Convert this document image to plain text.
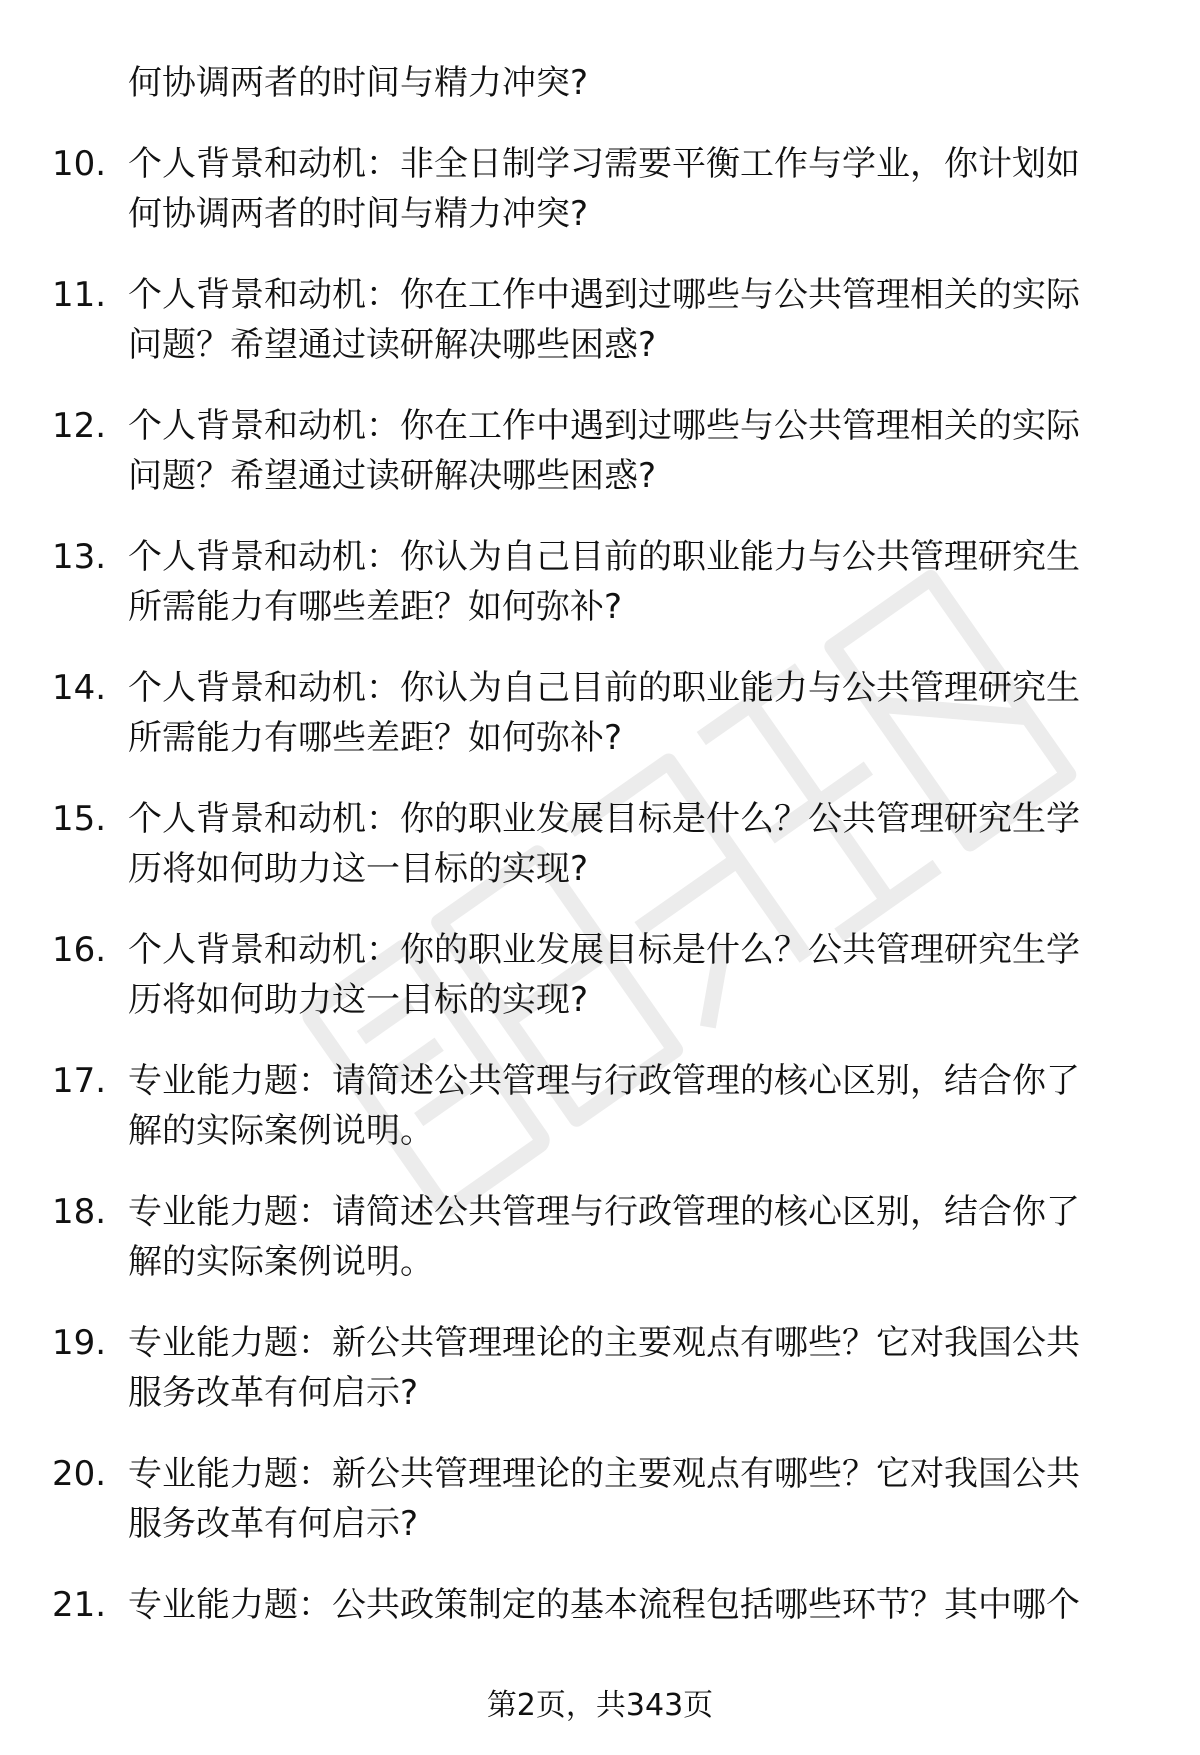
何协调两者的时间与精力冲突?
10. 个人背景和动机：非全日制学习需要平衡工作与学业，你计划如
何协调两者的时间与精力冲突?
11. 个人背景和动机：你在工作中遇到过哪些与公共管理相关的实际
问题？希望通过读研解决哪些困惑?
12. 个人背景和动机：你在工作中遇到过哪些与公共管理相关的实际
问题？希望通过读研解决哪些困惑?
13. 个人背景和动机：你认为自己目前的职业能力与公共管理研究生
所需能力有哪些差距？如何弥补?
14. 个人背景和动机：你认为自己目前的职业能力与公共管理研究生
所需能力有哪些差距？如何弥补?
15. 个人背景和动机：你的职业发展目标是什么？公共管理研究生学
历将如何助力这一目标的实现?
16. 个人背景和动机：你的职业发展目标是什么？公共管理研究生学
历将如何助力这一目标的实现?
17. 专业能力题：请简述公共管理与行政管理的核心区别，结合你了
解的实际案例说明。
18. 专业能力题：请简述公共管理与行政管理的核心区别，结合你了
解的实际案例说明。
19. 专业能力题：新公共管理理论的主要观点有哪些？它对我国公共
服务改革有何启示?
20. 专业能力题：新公共管理理论的主要观点有哪些？它对我国公共
服务改革有何启示?
21. 专业能力题：公共政策制定的基本流程包括哪些环节？其中哪个
第2页，共343页
